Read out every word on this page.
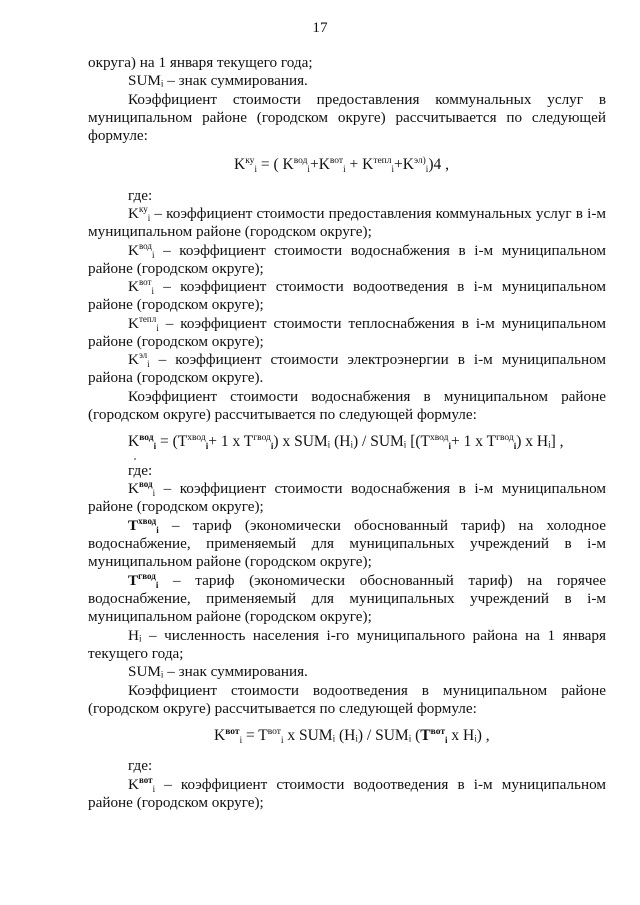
17
округа) на 1 января текущего года;
SUMᵢ – знак суммирования.
Коэффициент стоимости предоставления коммунальных услуг в
муниципальном районе (городском округе) рассчитывается по следующей
формуле:
$K^{ку}_i$ = ( $K^{вод}_i+K^{вот}_i + K^{тепл}_i+K^{эл)}_i)4$ ,
где:
$K^{ку}_i$ – коэффициент стоимости предоставления коммунальных услуг в i-м
муниципальном районе (городском округе);
$K^{вод}_i$ – коэффициент стоимости водоснабжения в i-м муниципальном
районе (городском округе);
$K^{вот}_i$ – коэффициент стоимости водоотведения в i-м муниципальном
районе (городском округе);
$K^{тепл}_i$ – коэффициент стоимости теплоснабжения в i-м муниципальном
районе (городском округе);
$K^{эл}_i$ – коэффициент стоимости электроэнергии в i-м муниципальном
района (городском округе).
Коэффициент стоимости водоснабжения в муниципальном районе
(городском округе) рассчитывается по следующей формуле:
$K^{вод}_i = (T^{хвод}_i+ 1$ x $T^{гвод}_i$) x SUMᵢ (Hᵢ) / SUMᵢ [($T^{хвод}_i+ 1$ x $T^{гвод}_i$) x Hᵢ] ,
где:
$K^{вод}_i$ – коэффициент стоимости водоснабжения в i-м муниципальном
районе (городском округе);
$T^{хвод}_i$ – тариф (экономически обоснованный тариф) на холодное
водоснабжение, применяемый для муниципальных учреждений в i-м
муниципальном районе (городском округе);
$T^{гвод}_i$ – тариф (экономически обоснованный тариф) на горячее
водоснабжение, применяемый для муниципальных учреждений в i-м
муниципальном районе (городском округе);
Hᵢ – численность населения i-го муниципального района на 1 января
текущего года;
SUMᵢ – знак суммирования.
Коэффициент стоимости водоотведения в муниципальном районе
(городском округе) рассчитывается по следующей формуле:
$K^{вот}_i = T^{вот}_i$ x SUMᵢ (Hᵢ) / SUMᵢ ($T^{вот}_i$ x Hᵢ) ,
где:
$K^{вот}_i$ – коэффициент стоимости водоотведения в i-м муниципальном
районе (городском округе);
